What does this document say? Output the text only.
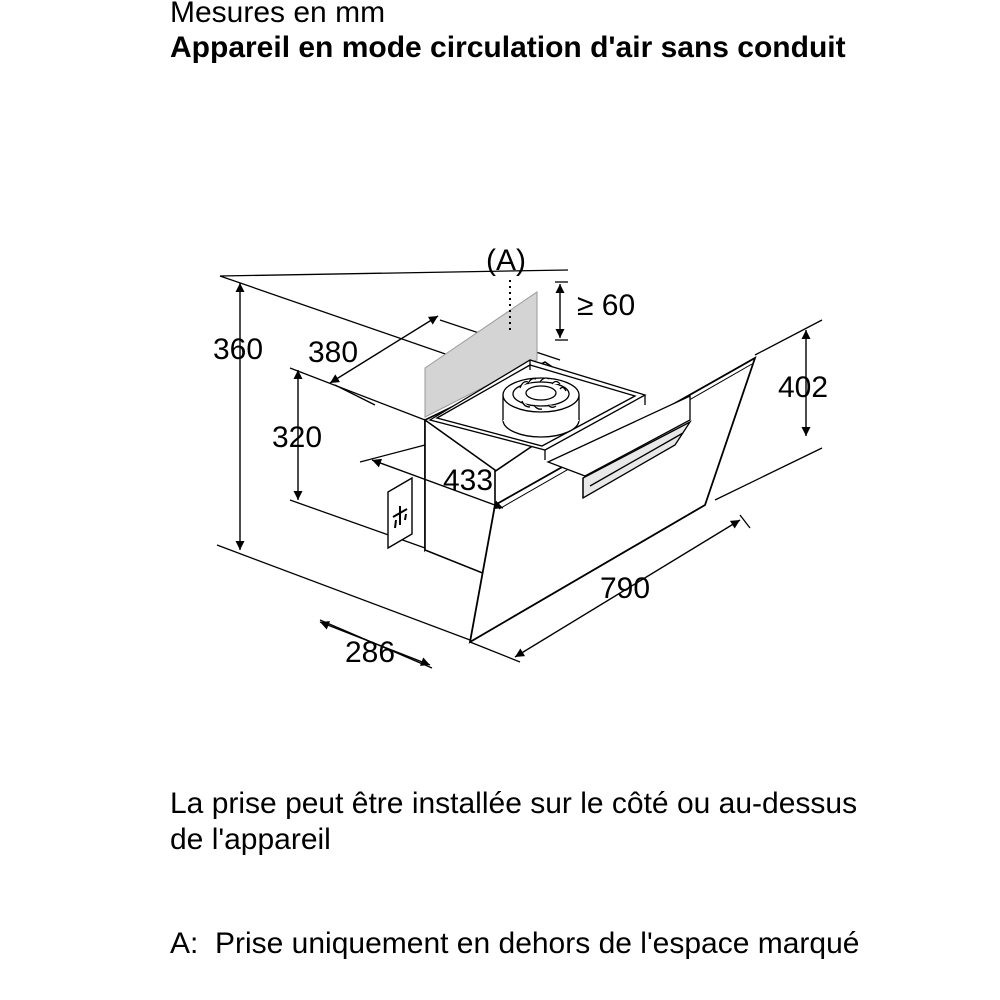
Mesures en mm
Appareil en mode circulation d'air sans conduit
(A)
≥ 60
360 380
320
402
433
790
286

La prise peut être installée sur le côté ou au-dessus de l'appareil

A: Prise uniquement en dehors de l'espace marqué
